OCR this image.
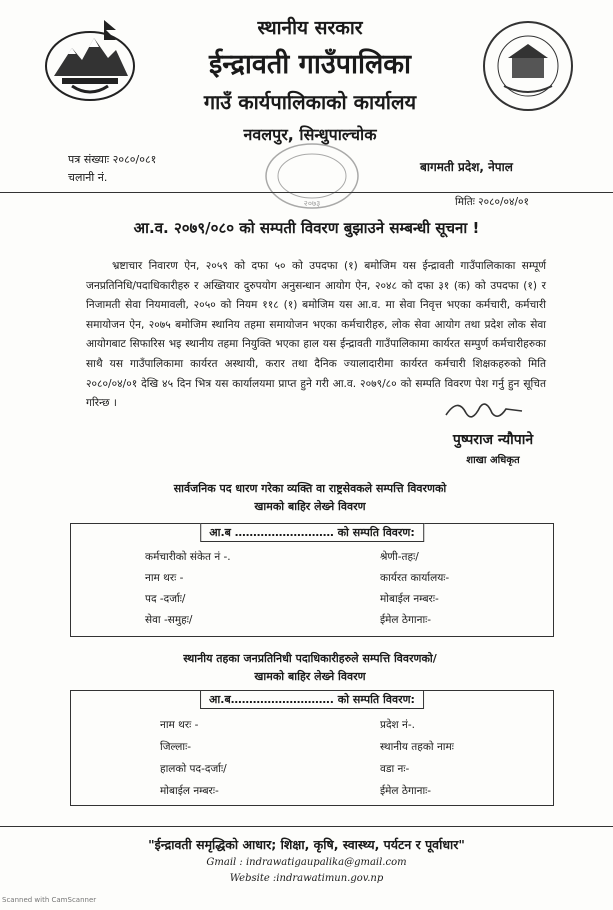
स्थानीय सरकार
ईन्द्रावती गाउँपालिका
गाउँ कार्यपालिकाको कार्यालय
नवलपुर, सिन्धुपाल्चोक
२०७३
पत्र संख्याः २०८०/०८१
चलानी नं.
बागमती प्रदेश, नेपाल
मितिः २०८०/०४/०१
आ.व. २०७९/०८० को सम्पती विवरण बुझाउने सम्बन्धी सूचना !
भ्रष्टाचार निवारण ऐन, २०५९ को दफा ५० को उपदफा (१) बमोजिम यस ईन्द्रावती गाउँपालिकाका सम्पूर्ण जनप्रतिनिधि/पदाधिकारीहरु र अख्तियार दुरुपयोग अनुसन्धान आयोग ऐन, २०४८ को दफा ३१ (क) को उपदफा (१) र निजामती सेवा नियमावली, २०५० को नियम ११८ (१) बमोजिम यस आ.व. मा सेवा निवृत्त भएका कर्मचारी, कर्मचारी समायोजन ऐन, २०७५ बमोजिम स्थानिय तहमा समायोजन भएका कर्मचारीहरु, लोक सेवा आयोग तथा प्रदेश लोक सेवा आयोगबाट सिफारिस भइ स्थानीय तहमा नियुक्ति भएका हाल यस ईन्द्रावती गाउँपालिकामा कार्यरत सम्पुर्ण कर्मचारीहरुका साथै यस गाउँपालिकामा कार्यरत अस्थायी, करार तथा दैनिक ज्यालादारीमा कार्यरत कर्मचारी शिक्षकहरुको मिति २०८०/०४/०१ देखि ४५ दिन भित्र यस कार्यालयमा प्राप्त हुने गरी आ.व. २०७९/८० को सम्पति विवरण पेश गर्नु हुन सूचित गरिन्छ ।
पुष्पराज न्यौपाने
शाखा अधिकृत
सार्वजनिक पद धारण गरेका व्यक्ति वा राष्ट्रसेवकले सम्पत्ति विवरणको
खामको बाहिर लेख्ने विवरण
आ.ब ……………………… को सम्पति विवरण:
कर्मचारीको संकेत नं -.
नाम थरः -
पद -दर्जाः/
सेवा -समुहः/
श्रेणी-तहः/
कार्यरत कार्यालयः-
मोबाईल नम्बरः-
ईमेल ठेगानाः-
स्थानीय तहका जनप्रतिनिधी पदाधिकारीहरुले सम्पत्ति विवरणको/
खामको बाहिर लेख्ने विवरण
आ.ब………………………. को सम्पति विवरण:
नाम थरः -
जिल्लाः-
हालको पद-दर्जाः/
मोबाईल नम्बरः-
प्रदेश नं-.
स्थानीय तहको नामः
वडा नः-
ईमेल ठेगानाः-
"ईन्द्रावती समृद्धिको आधार; शिक्षा, कृषि, स्वास्थ्य, पर्यटन र पूर्वाधार"
Gmail : indrawatigaupalika@gmail.com
Website :indrawatimun.gov.np
Scanned with CamScanner
